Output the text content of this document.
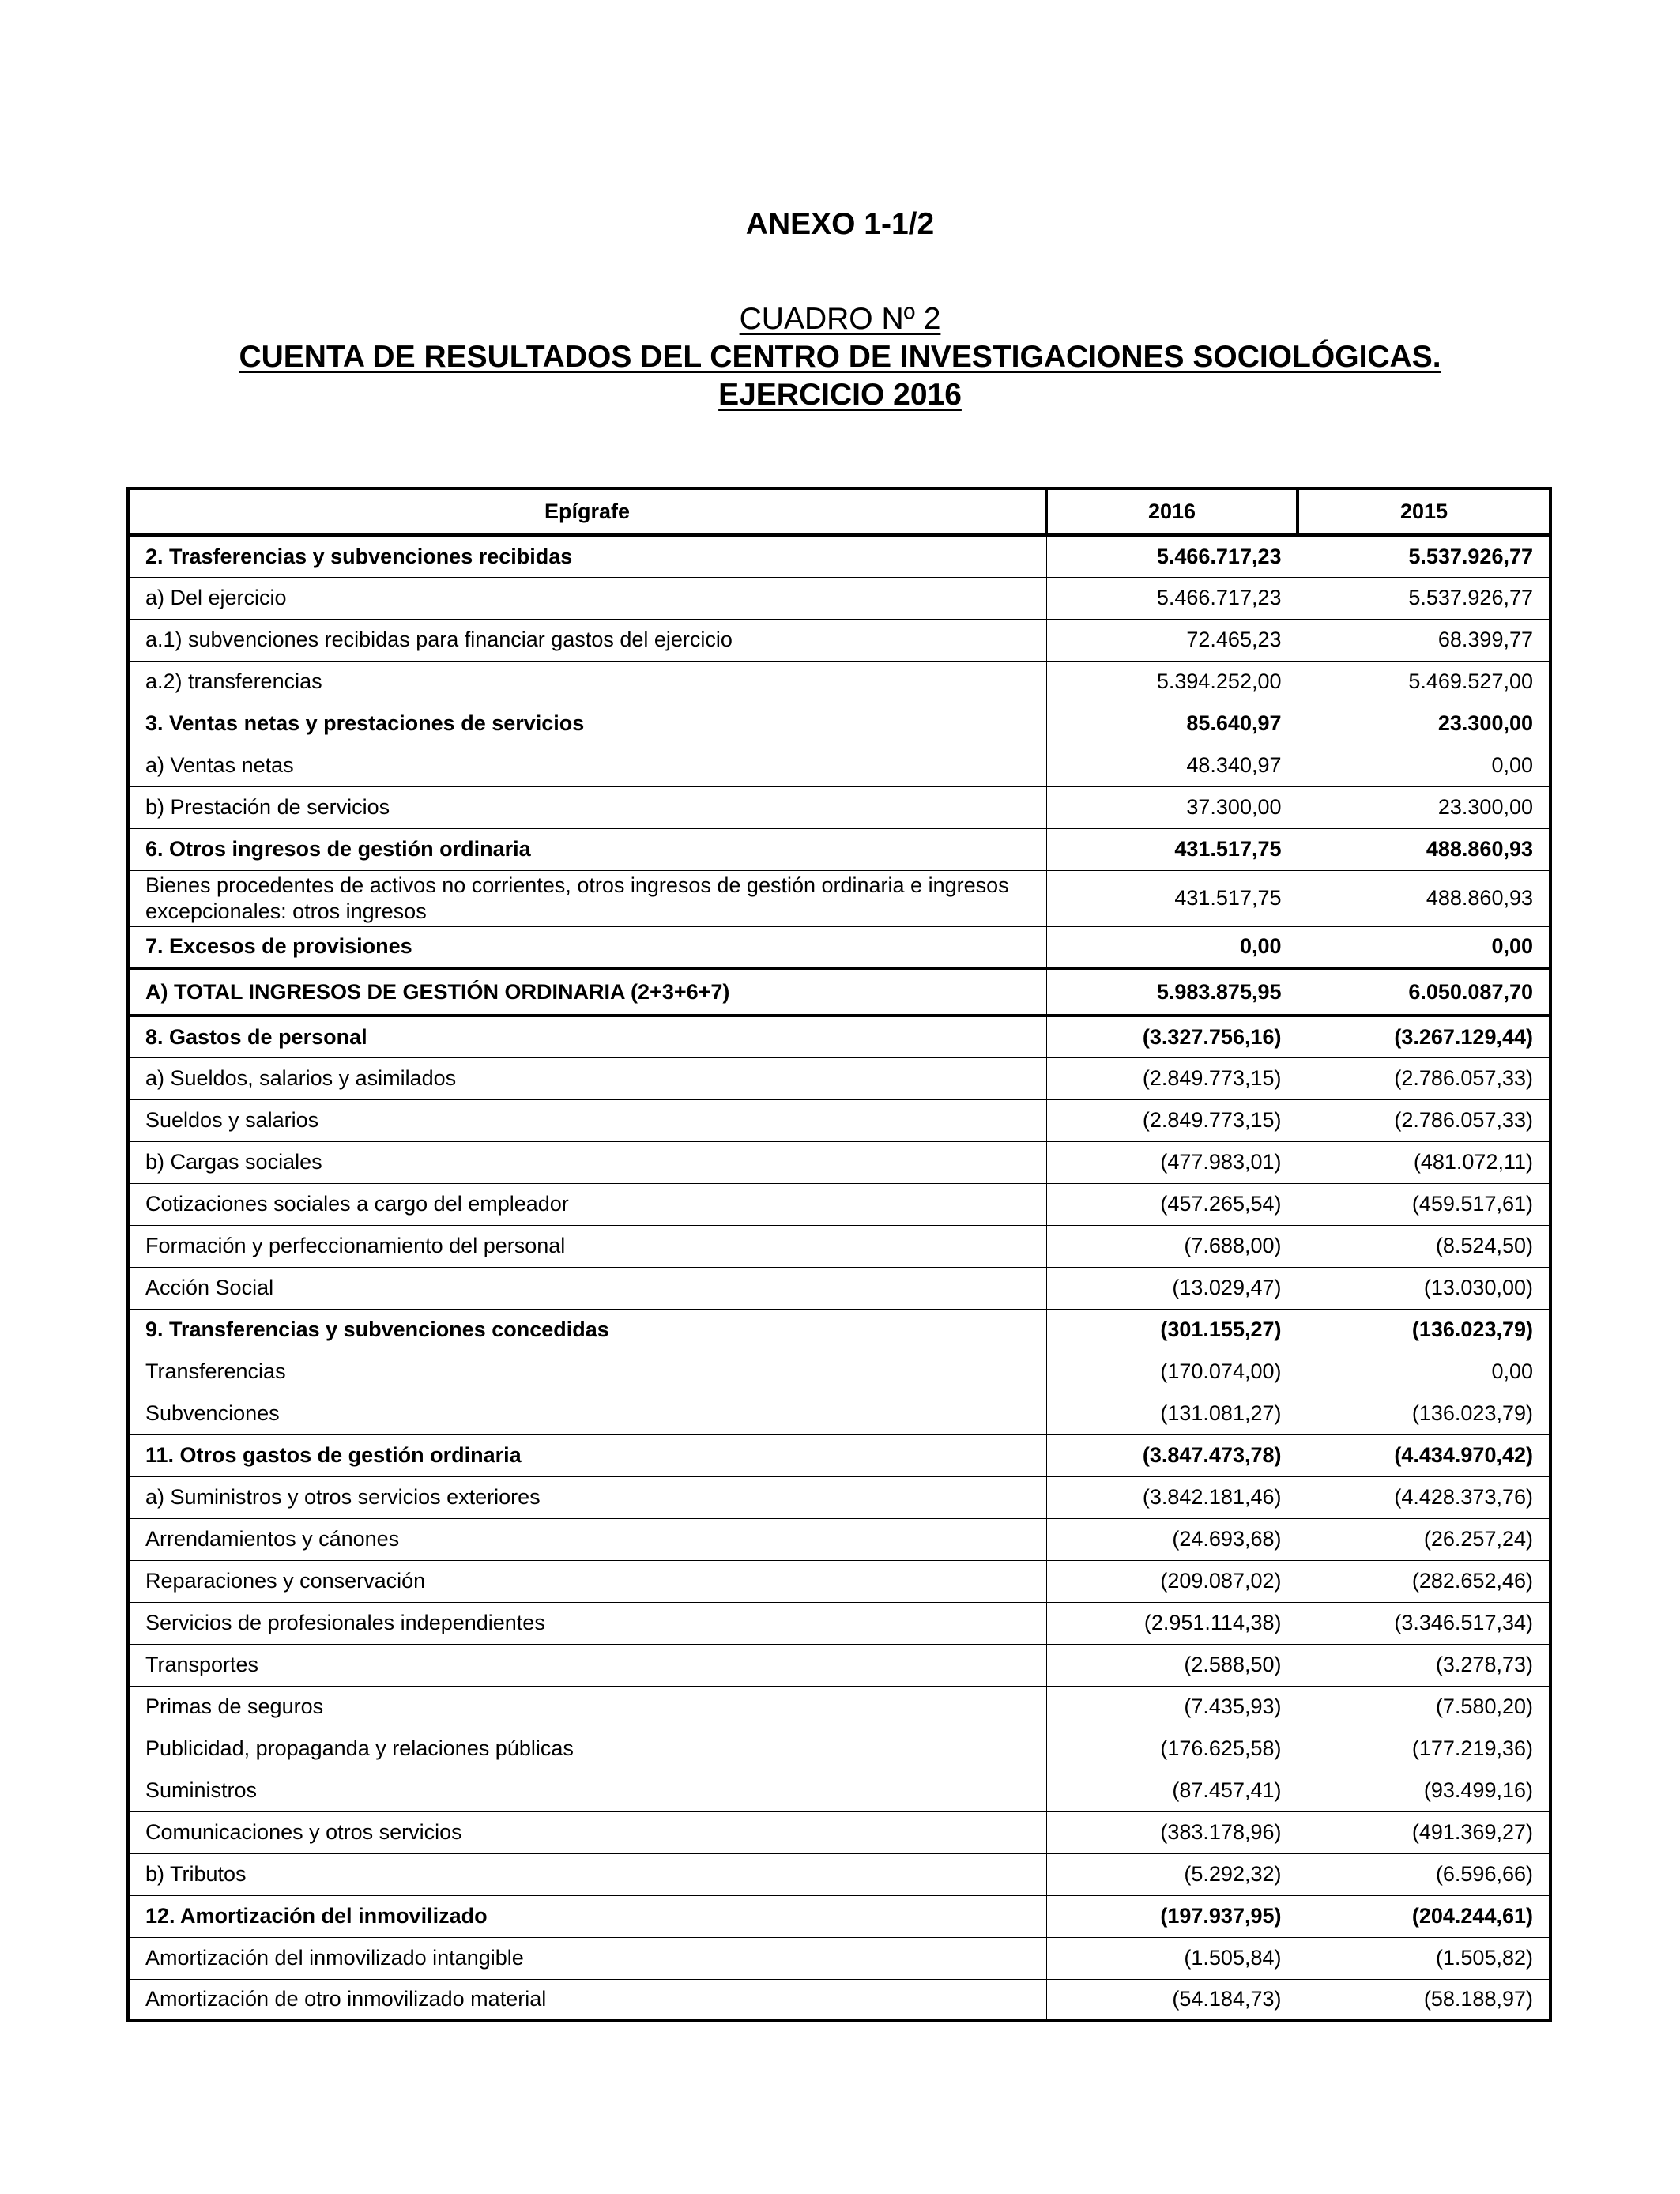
ANEXO 1-1/2
CUADRO Nº 2
CUENTA DE RESULTADOS DEL CENTRO DE INVESTIGACIONES SOCIOLÓGICAS.
EJERCICIO 2016
Epígrafe	2016	2015
2. Trasferencias y subvenciones recibidas	5.466.717,23	5.537.926,77
a) Del ejercicio	5.466.717,23	5.537.926,77
a.1) subvenciones recibidas para financiar gastos del ejercicio	72.465,23	68.399,77
a.2) transferencias	5.394.252,00	5.469.527,00
3. Ventas netas y prestaciones de servicios	85.640,97	23.300,00
a) Ventas netas	48.340,97	0,00
b) Prestación de servicios	37.300,00	23.300,00
6. Otros ingresos de gestión ordinaria	431.517,75	488.860,93
Bienes procedentes de activos no corrientes, otros ingresos de gestión ordinaria e ingresos excepcionales: otros ingresos	431.517,75	488.860,93
7. Excesos de provisiones	0,00	0,00
A) TOTAL INGRESOS DE GESTIÓN ORDINARIA (2+3+6+7)	5.983.875,95	6.050.087,70
8. Gastos de personal	(3.327.756,16)	(3.267.129,44)
a) Sueldos, salarios y asimilados	(2.849.773,15)	(2.786.057,33)
Sueldos y salarios	(2.849.773,15)	(2.786.057,33)
b) Cargas sociales	(477.983,01)	(481.072,11)
Cotizaciones sociales a cargo del empleador	(457.265,54)	(459.517,61)
Formación y perfeccionamiento del personal	(7.688,00)	(8.524,50)
Acción Social	(13.029,47)	(13.030,00)
9. Transferencias y subvenciones concedidas	(301.155,27)	(136.023,79)
Transferencias	(170.074,00)	0,00
Subvenciones	(131.081,27)	(136.023,79)
11. Otros gastos de gestión ordinaria	(3.847.473,78)	(4.434.970,42)
a) Suministros y otros servicios exteriores	(3.842.181,46)	(4.428.373,76)
Arrendamientos y cánones	(24.693,68)	(26.257,24)
Reparaciones y conservación	(209.087,02)	(282.652,46)
Servicios de profesionales independientes	(2.951.114,38)	(3.346.517,34)
Transportes	(2.588,50)	(3.278,73)
Primas de seguros	(7.435,93)	(7.580,20)
Publicidad, propaganda y relaciones públicas	(176.625,58)	(177.219,36)
Suministros	(87.457,41)	(93.499,16)
Comunicaciones y otros servicios	(383.178,96)	(491.369,27)
b) Tributos	(5.292,32)	(6.596,66)
12. Amortización del inmovilizado	(197.937,95)	(204.244,61)
Amortización del inmovilizado intangible	(1.505,84)	(1.505,82)
Amortización de otro inmovilizado material	(54.184,73)	(58.188,97)
